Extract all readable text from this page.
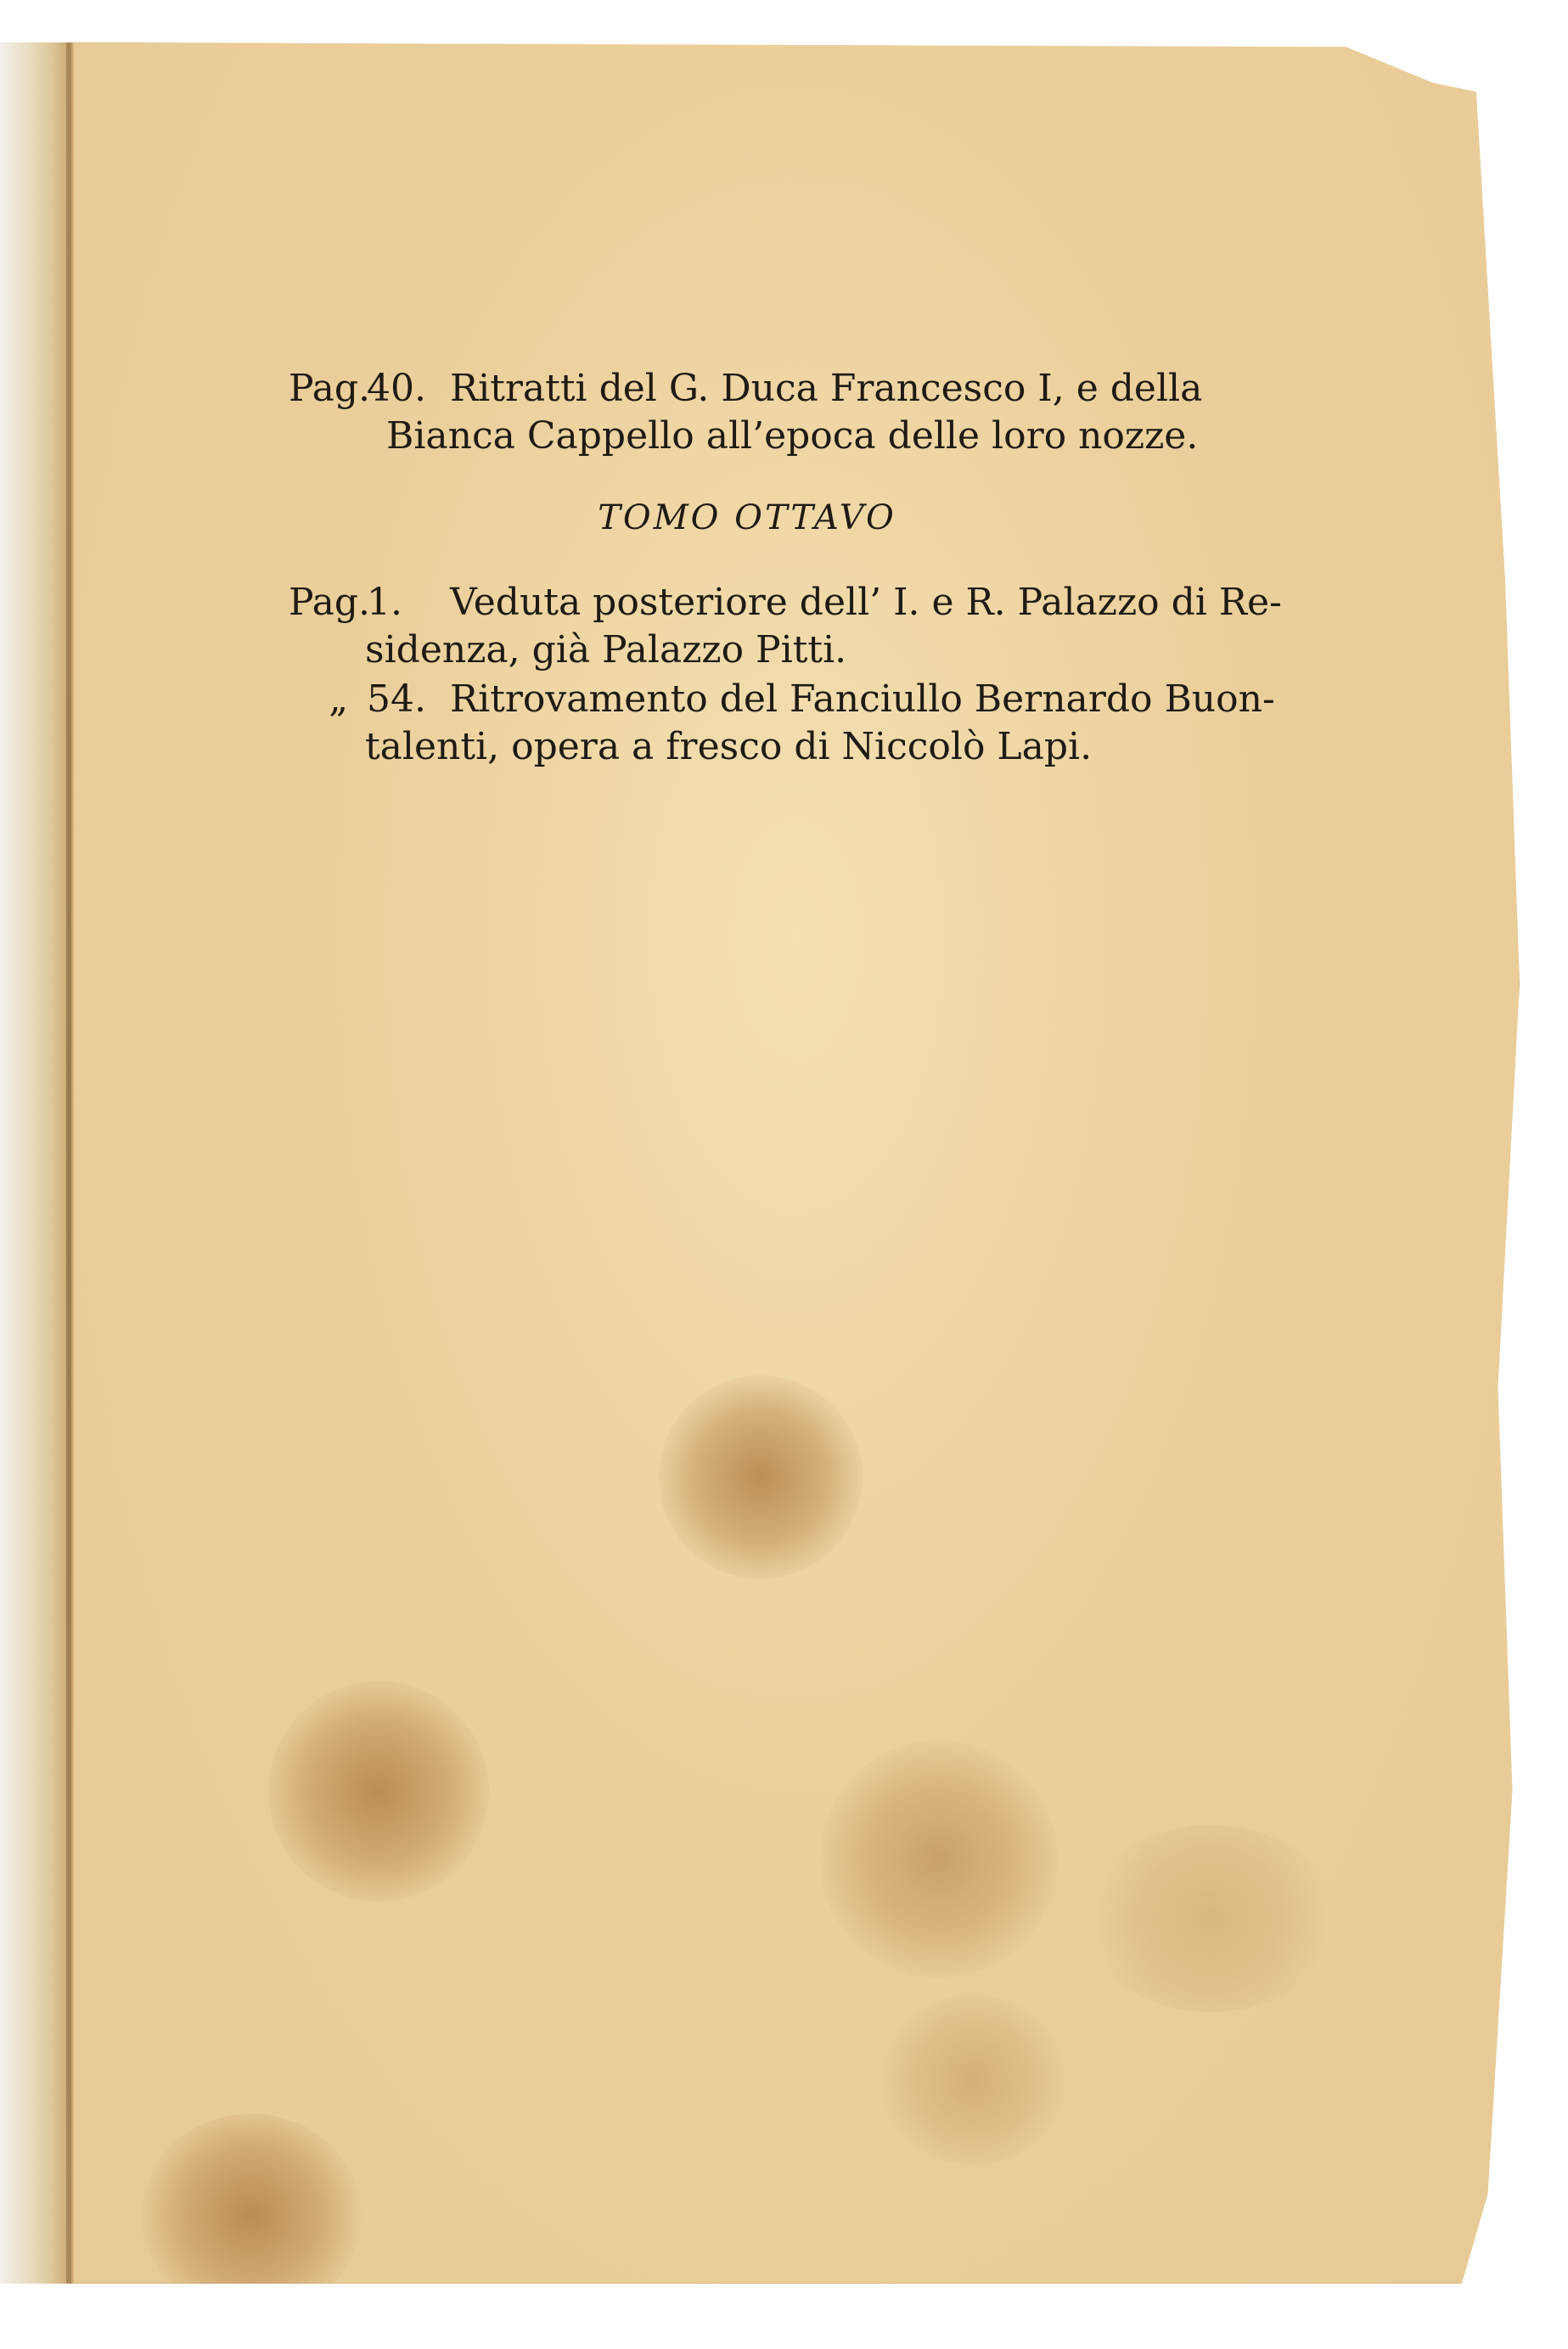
Pag.40. Ritratti del G. Duca Francesco I, e della
Bianca Cappello all’epoca delle loro nozze.
TOMO OTTAVO
Pag.1. Veduta posteriore dell’ I. e R. Palazzo di Re-
sidenza, già Palazzo Pitti.
„ 54. Ritrovamento del Fanciullo Bernardo Buon-
talenti, opera a fresco di Niccolò Lapi.
